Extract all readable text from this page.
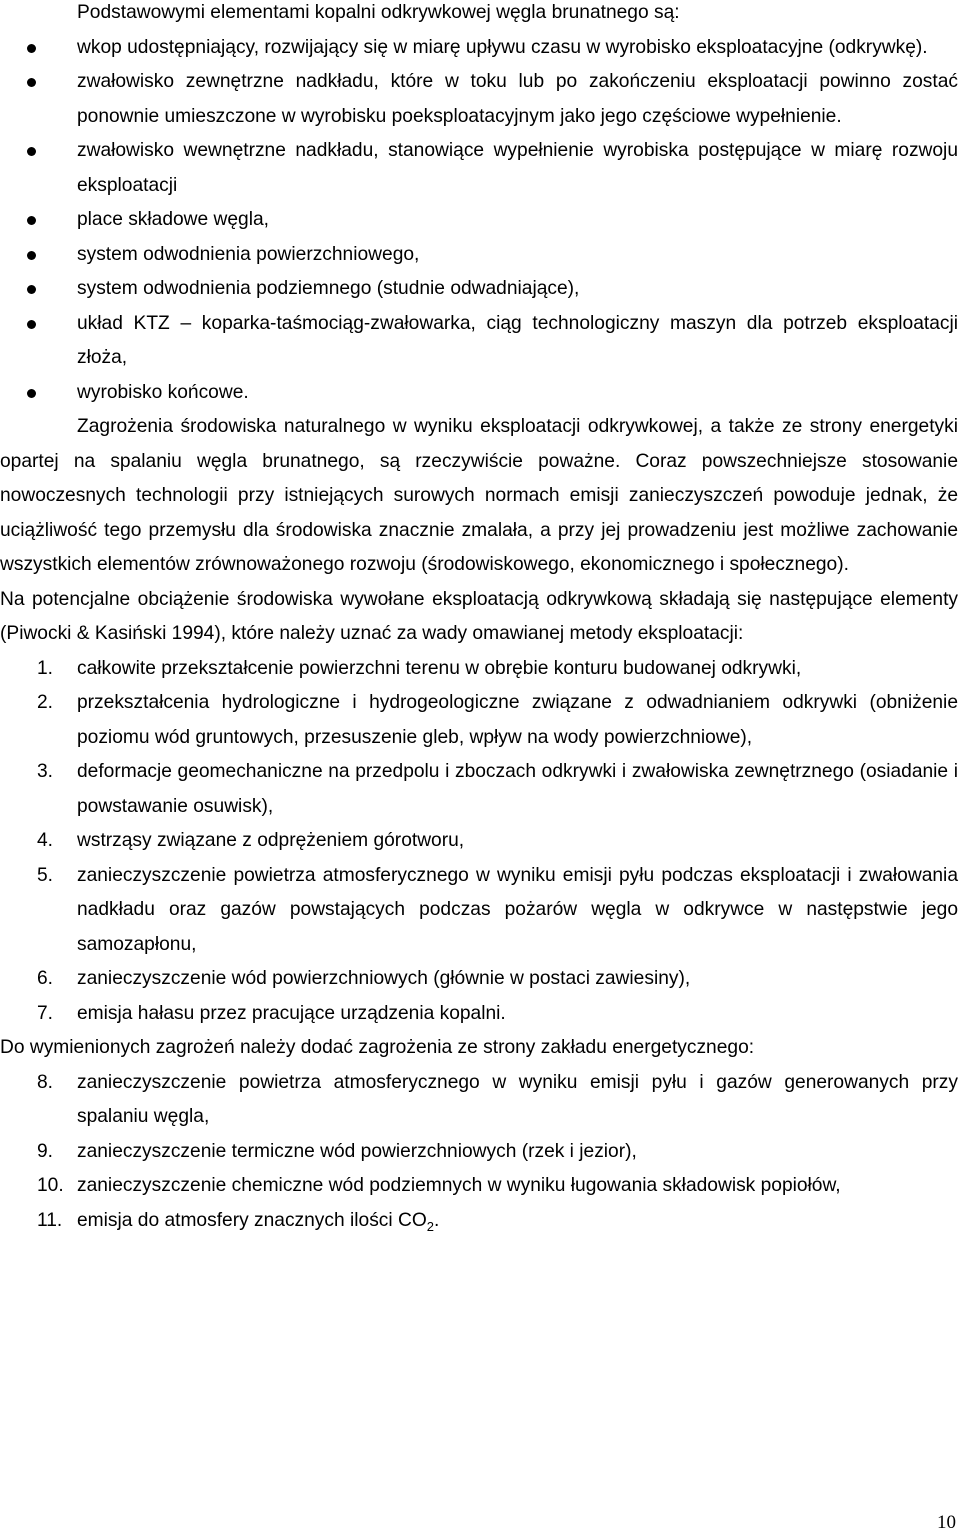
Podstawowymi elementami kopalni odkrywkowej węgla brunatnego są:

wkop udostępniający, rozwijający się w miarę upływu czasu w wyrobisko eksploatacyjne (odkrywkę).
zwałowisko zewnętrzne nadkładu, które w toku lub po zakończeniu eksploatacji powinno zostać ponownie umieszczone w wyrobisku poeksploatacyjnym jako jego częściowe wypełnienie.
zwałowisko wewnętrzne nadkładu, stanowiące wypełnienie wyrobiska postępujące w miarę rozwoju eksploatacji
place składowe węgla,
system odwodnienia powierzchniowego,
system odwodnienia podziemnego (studnie odwadniające),
układ KTZ – koparka-taśmociąg-zwałowarka, ciąg technologiczny maszyn dla potrzeb eksploatacji złoża,
wyrobisko końcowe.

Zagrożenia środowiska naturalnego w wyniku eksploatacji odkrywkowej, a także ze strony energetyki opartej na spalaniu węgla brunatnego, są rzeczywiście poważne. Coraz powszechniejsze stosowanie nowoczesnych technologii przy istniejących surowych normach emisji zanieczyszczeń powoduje jednak, że uciążliwość tego przemysłu dla środowiska znacznie zmalała, a przy jej prowadzeniu jest możliwe zachowanie wszystkich elementów zrównoważonego rozwoju (środowiskowego, ekonomicznego i społecznego).

Na potencjalne obciążenie środowiska wywołane eksploatacją odkrywkową składają się następujące elementy (Piwocki & Kasiński 1994), które należy uznać za wady omawianej metody eksploatacji:

1. całkowite przekształcenie powierzchni terenu w obrębie konturu budowanej odkrywki,
2. przekształcenia hydrologiczne i hydrogeologiczne związane z odwadnianiem odkrywki (obniżenie poziomu wód gruntowych, przesuszenie gleb, wpływ na wody powierzchniowe),
3. deformacje geomechaniczne na przedpolu i zboczach odkrywki i zwałowiska zewnętrznego (osiadanie i powstawanie osuwisk),
4. wstrząsy związane z odprężeniem górotworu,
5. zanieczyszczenie powietrza atmosferycznego w wyniku emisji pyłu podczas eksploatacji i zwałowania nadkładu oraz gazów powstających podczas pożarów węgla w odkrywce w następstwie jego samozapłonu,
6. zanieczyszczenie wód powierzchniowych (głównie w postaci zawiesiny),
7. emisja hałasu przez pracujące urządzenia kopalni.

Do wymienionych zagrożeń należy dodać zagrożenia ze strony zakładu energetycznego:

8. zanieczyszczenie powietrza atmosferycznego w wyniku emisji pyłu i gazów generowanych przy spalaniu węgla,
9. zanieczyszczenie termiczne wód powierzchniowych (rzek i jezior),
10. zanieczyszczenie chemiczne wód podziemnych w wyniku ługowania składowisk popiołów,
11. emisja do atmosfery znacznych ilości $CO_2$.
10
